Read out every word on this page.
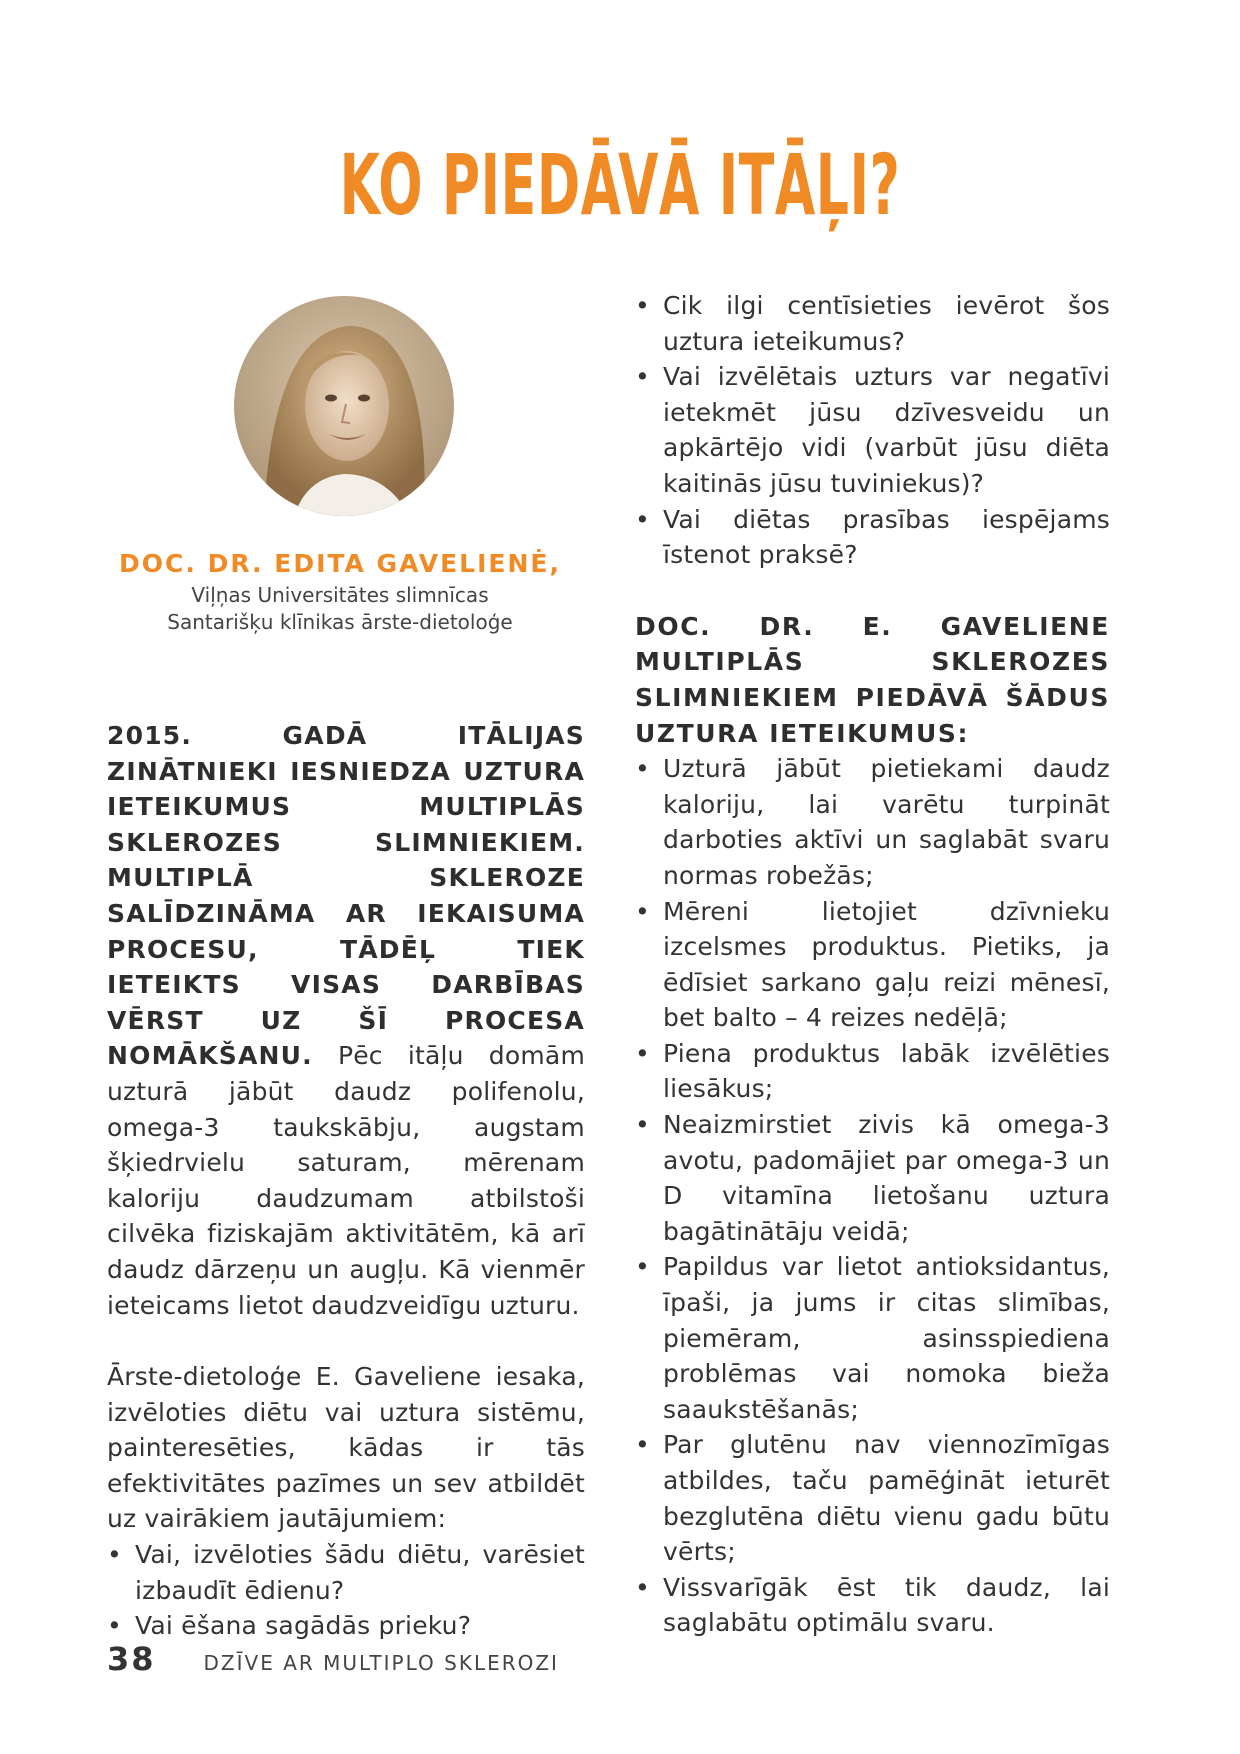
KO PIEDĀVĀ ITĀĻI?
DOC. DR. EDITA GAVELIENĖ,
Viļņas Universitātes slimnīcas
Santarišķu klīnikas ārste-dietoloģe

2015. GADĀ ITĀLIJAS ZINĀTNIEKI IESNIEDZA UZTURA IETEIKUMUS MULTIPLĀS SKLEROZES SLIMNIEKIEM. MULTIPLĀ SKLEROZE SALĪDZINĀMA AR IEKAISUMA PROCESU, TĀDĒĻ TIEK IETEIKTS VISAS DARBĪBAS VĒRST UZ ŠĪ PROCESA NOMĀKŠANU. Pēc itāļu domām uzturā jābūt daudz polifenolu, omega-3 taukskābju, augstam šķiedrvielu saturam, mērenam kaloriju daudzumam atbilstoši cilvēka fiziskajām aktivitātēm, kā arī daudz dārzeņu un augļu. Kā vienmēr ieteicams lietot daudzveidīgu uzturu.

Ārste-dietoloģe E. Gaveliene iesaka, izvēloties diētu vai uztura sistēmu, painteresēties, kādas ir tās efektivitātes pazīmes un sev atbildēt uz vairākiem jautājumiem:

• Vai, izvēloties šādu diētu, varēsiet izbaudīt ēdienu?
• Vai ēšana sagādās prieku?
• Cik ilgi centīsieties ievērot šos uztura ieteikumus?
• Vai izvēlētais uzturs var negatīvi ietekmēt jūsu dzīvesveidu un apkārtējo vidi (varbūt jūsu diēta kaitinās jūsu tuviniekus)?
• Vai diētas prasības iespējams īstenot praksē?

DOC. DR. E. GAVELIENE MULTIPLĀS SKLEROZES SLIMNIEKIEM PIEDĀVĀ ŠĀDUS UZTURA IETEIKUMUS:

• Uzturā jābūt pietiekami daudz kaloriju, lai varētu turpināt darboties aktīvi un saglabāt svaru normas robežās;
• Mēreni lietojiet dzīvnieku izcelsmes produktus. Pietiks, ja ēdīsiet sarkano gaļu reizi mēnesī, bet balto – 4 reizes nedēļā;
• Piena produktus labāk izvēlēties liesākus;
• Neaizmirstiet zivis kā omega-3 avotu, padomājiet par omega-3 un D vitamīna lietošanu uztura bagātinātāju veidā;
• Papildus var lietot antioksidantus, īpaši, ja jums ir citas slimības, piemēram, asinsspiediena problēmas vai nomoka bieža saaukstēšanās;
• Par glutēnu nav viennozīmīgas atbildes, taču pamēģināt ieturēt bezglutēna diētu vienu gadu būtu vērts;
• Vissvarīgāk ēst tik daudz, lai saglabātu optimālu svaru.
38 DZĪVE AR MULTIPLO SKLEROZI
